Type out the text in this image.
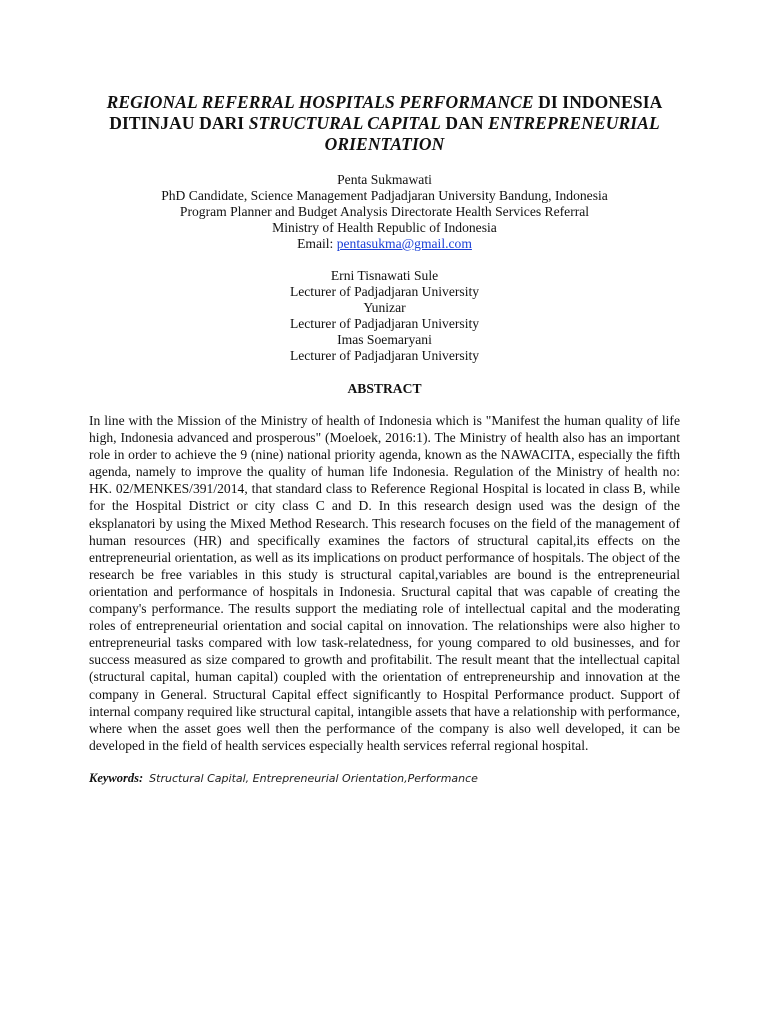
REGIONAL REFERRAL HOSPITALS PERFORMANCE DI INDONESIA
DITINJAU DARI STRUCTURAL CAPITAL DAN ENTREPRENEURIAL
ORIENTATION
Penta Sukmawati
PhD Candidate, Science Management Padjadjaran University Bandung, Indonesia
Program Planner and Budget Analysis Directorate Health Services Referral
Ministry of Health Republic of Indonesia
Email: pentasukma@gmail.com
Erni Tisnawati Sule
Lecturer of Padjadjaran University
Yunizar
Lecturer of Padjadjaran University
Imas Soemaryani
Lecturer of Padjadjaran University
ABSTRACT

In line with the Mission of the Ministry of health of Indonesia which is "Manifest the human quality of life high, Indonesia advanced and prosperous" (Moeloek, 2016:1). The Ministry of health also has an important role in order to achieve the 9 (nine) national priority agenda, known as the NAWACITA, especially the fifth agenda, namely to improve the quality of human life Indonesia. Regulation of the Ministry of health no: HK. 02/MENKES/391/2014, that standard class to Reference Regional Hospital is located in class B, while for the Hospital District or city class C and D. In this research design used was the design of the eksplanatori by using the Mixed Method Research. This research focuses on the field of the management of human resources (HR) and specifically examines the factors of structural capital,its effects on the entrepreneurial orientation, as well as its implications on product performance of hospitals. The object of the research be free variables in this study is structural capital,variables are bound is the entrepreneurial orientation and performance of hospitals in Indonesia. Sructural capital that was capable of creating the company's performance. The results support the mediating role of intellectual capital and the moderating roles of entrepreneurial orientation and social capital on innovation. The relationships were also higher to entrepreneurial tasks compared with low task-relatedness, for young compared to old businesses, and for success measured as size compared to growth and profitabilit. The result meant that the intellectual capital (structural capital, human capital) coupled with the orientation of entrepreneurship and innovation at the company in General. Structural Capital effect significantly to Hospital Performance product. Support of internal company required like structural capital, intangible assets that have a relationship with performance, where when the asset goes well then the performance of the company is also well developed, it can be developed in the field of health services especially health services referral regional hospital.

Keywords: Structural Capital, Entrepreneurial Orientation,Performance
